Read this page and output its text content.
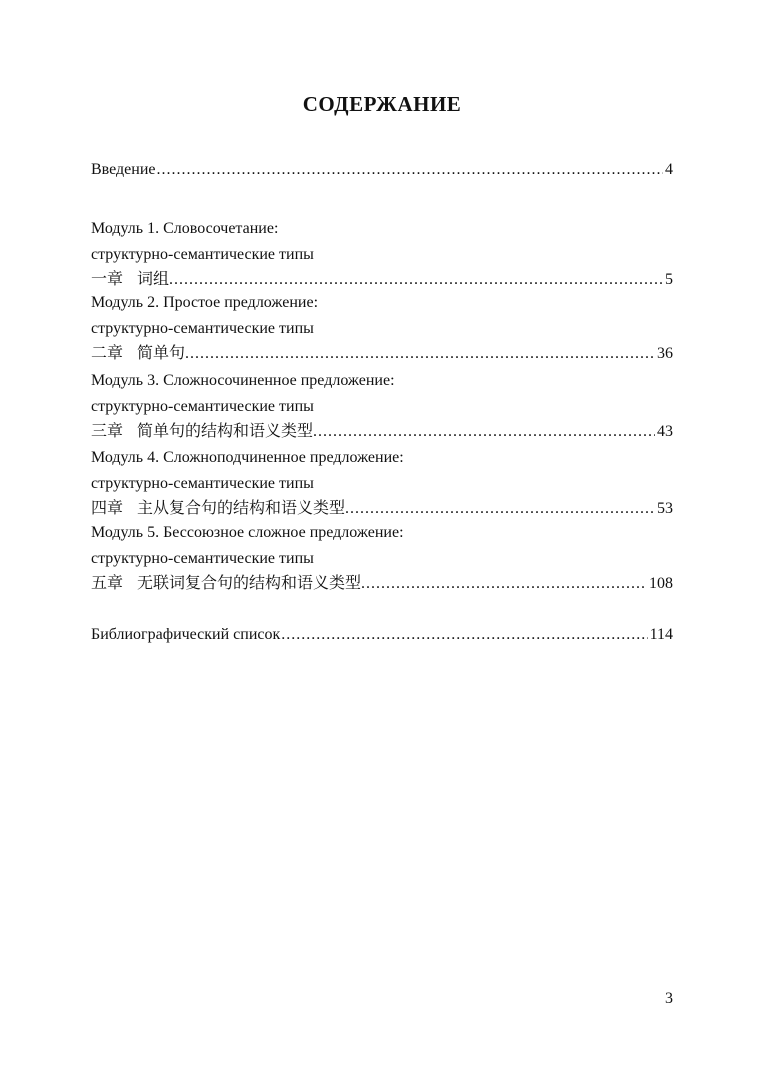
СОДЕРЖАНИЕ
Введение .....	4
Модуль 1. Словосочетание:
структурно-семантические типы
一章 词组. .....	5
Модуль 2. Простое предложение:
структурно-семантические типы
二章 简单句. .....	36
Модуль 3. Сложносочиненное предложение:
структурно-семантические типы
三章 简单句的结构和语义类型. .....	43
Модуль 4. Сложноподчиненное предложение:
структурно-семантические типы
四章 主从复合句的结构和语义类型. .....	53
Модуль 5. Бессоюзное сложное предложение:
структурно-семантические типы
五章 无联词复合句的结构和语义类型. .....	108
Библиографический список .....	114
3
